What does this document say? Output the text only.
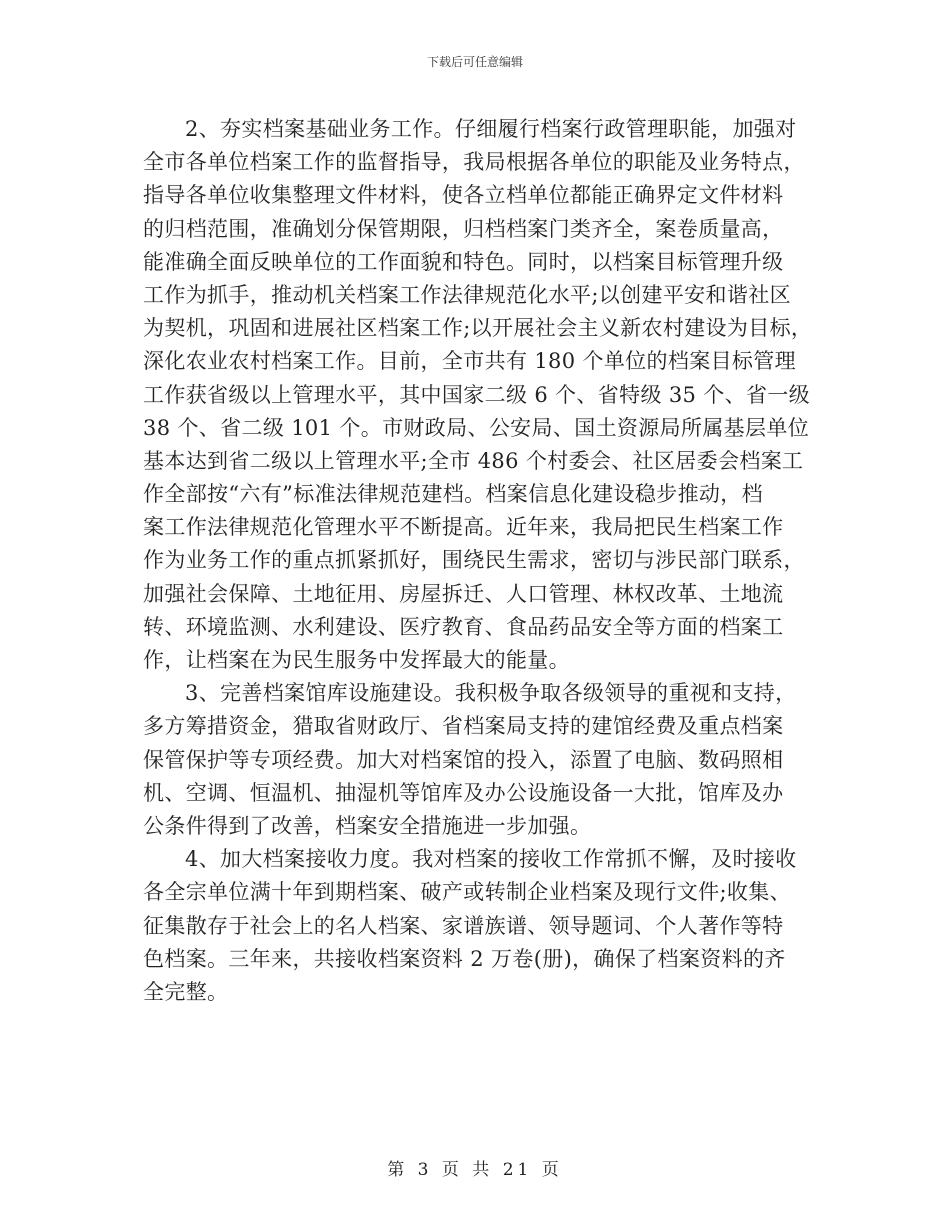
下载后可任意编辑
2、夯实档案基础业务工作。仔细履行档案行政管理职能，加强对
全市各单位档案工作的监督指导，我局根据各单位的职能及业务特点，
指导各单位收集整理文件材料，使各立档单位都能正确界定文件材料
的归档范围，准确划分保管期限，归档档案门类齐全，案卷质量高，
能准确全面反映单位的工作面貌和特色。同时，以档案目标管理升级
工作为抓手，推动机关档案工作法律规范化水平;以创建平安和谐社区
为契机，巩固和进展社区档案工作;以开展社会主义新农村建设为目标，
深化农业农村档案工作。目前，全市共有 180 个单位的档案目标管理
工作获省级以上管理水平，其中国家二级 6 个、省特级 35 个、省一级
38 个、省二级 101 个。市财政局、公安局、国土资源局所属基层单位
基本达到省二级以上管理水平;全市 486 个村委会、社区居委会档案工
作全部按“六有”标准法律规范建档。档案信息化建设稳步推动，档
案工作法律规范化管理水平不断提高。近年来，我局把民生档案工作
作为业务工作的重点抓紧抓好，围绕民生需求，密切与涉民部门联系，
加强社会保障、土地征用、房屋拆迁、人口管理、林权改革、土地流
转、环境监测、水利建设、医疗教育、食品药品安全等方面的档案工
作，让档案在为民生服务中发挥最大的能量。
3、完善档案馆库设施建设。我积极争取各级领导的重视和支持，
多方筹措资金，猎取省财政厅、省档案局支持的建馆经费及重点档案
保管保护等专项经费。加大对档案馆的投入，添置了电脑、数码照相
机、空调、恒温机、抽湿机等馆库及办公设施设备一大批，馆库及办
公条件得到了改善，档案安全措施进一步加强。
4、加大档案接收力度。我对档案的接收工作常抓不懈，及时接收
各全宗单位满十年到期档案、破产或转制企业档案及现行文件;收集、
征集散存于社会上的名人档案、家谱族谱、领导题词、个人著作等特
色档案。三年来，共接收档案资料 2 万卷(册)，确保了档案资料的齐
全完整。
第 3 页 共 21 页
